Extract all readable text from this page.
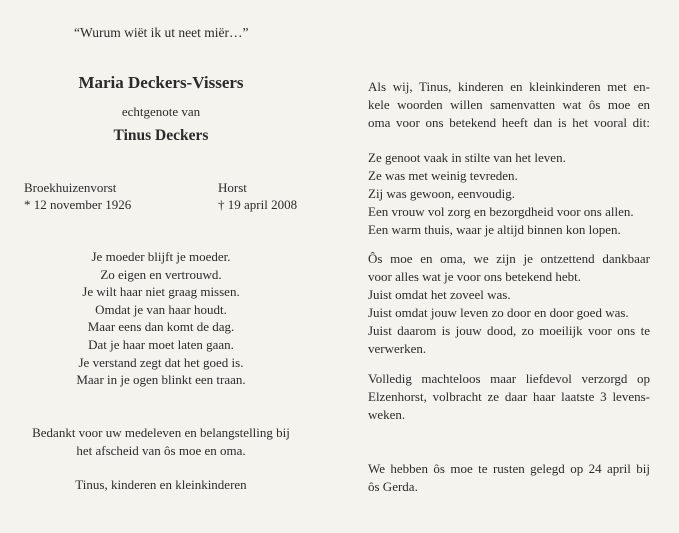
“Wurum wiët ik ut neet miër…”
Maria Deckers-Vissers
echtgenote van
Tinus Deckers
Broekhuizenvorst
* 12 november 1926
Horst
† 19 april 2008
Je moeder blijft je moeder.
Zo eigen en vertrouwd.
Je wilt haar niet graag missen.
Omdat je van haar houdt.
Maar eens dan komt de dag.
Dat je haar moet laten gaan.
Je verstand zegt dat het goed is.
Maar in je ogen blinkt een traan.
Bedankt voor uw medeleven en belangstelling bij
het afscheid van ôs moe en oma.
Tinus, kinderen en kleinkinderen
Als wij, Tinus, kinderen en kleinkinderen met en-
kele woorden willen samenvatten wat ôs moe en
oma voor ons betekend heeft dan is het vooral dit:
Ze genoot vaak in stilte van het leven.
Ze was met weinig tevreden.
Zij was gewoon, eenvoudig.
Een vrouw vol zorg en bezorgdheid voor ons allen.
Een warm thuis, waar je altijd binnen kon lopen.
Ôs moe en oma, we zijn je ontzettend dankbaar
voor alles wat je voor ons betekend hebt.
Juist omdat het zoveel was.
Juist omdat jouw leven zo door en door goed was.
Juist daarom is jouw dood, zo moeilijk voor ons te
verwerken.
Volledig machteloos maar liefdevol verzorgd op
Elzenhorst, volbracht ze daar haar laatste 3 levens-
weken.
We hebben ôs moe te rusten gelegd op 24 april bij
ôs Gerda.
